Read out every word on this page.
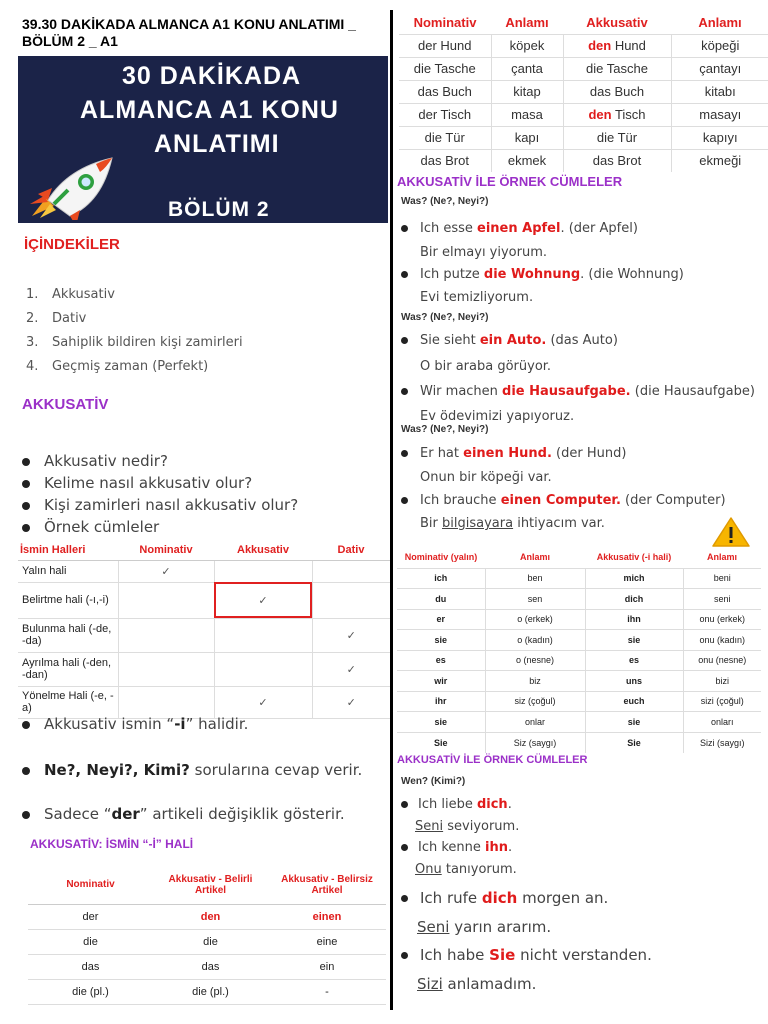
39.30 DAKİKADA ALMANCA A1 KONU ANLATIMI _ BÖLÜM 2 _ A1
30 DAKİKADA
ALMANCA A1 KONU
ANLATIMI
BÖLÜM 2
İÇİNDEKİLER
1. Akkusativ
2. Dativ
3. Sahiplik bildiren kişi zamirleri
4. Geçmiş zaman (Perfekt)
AKKUSATİV
Akkusativ nedir?
Kelime nasıl akkusativ olur?
Kişi zamirleri nasıl akkusativ olur?
Örnek cümleler
İsmin Halleri	Nominativ	Akkusativ	Dativ
Yalın hali	✓		
Belirtme hali (-ı,-i)		✓	
Bulunma hali (-de, -da)			✓
Ayrılma hali (-den, -dan)			✓
Yönelme Hali (-e, -a)		✓	✓
Akkusativ ismin “-i” halidir.
Ne?, Neyi?, Kimi? sorularına cevap verir.
Sadece “der” artikeli değişiklik gösterir.
AKKUSATİV: İSMİN “-İ” HALİ
Nominativ	Akkusativ - Belirli Artikel	Akkusativ - Belirsiz Artikel
der	den	einen
die	die	eine
das	das	ein
die (pl.)	die (pl.)	-
Nominativ	Anlamı	Akkusativ	Anlamı
der Hund	köpek	den Hund	köpeği
die Tasche	çanta	die Tasche	çantayı
das Buch	kitap	das Buch	kitabı
der Tisch	masa	den Tisch	masayı
die Tür	kapı	die Tür	kapıyı
das Brot	ekmek	das Brot	ekmeği
AKKUSATİV İLE ÖRNEK CÜMLELER
Was? (Ne?, Neyi?)
Ich esse einen Apfel. (der Apfel)
Bir elmayı yiyorum.
Ich putze die Wohnung. (die Wohnung)
Evi temizliyorum.
Was? (Ne?, Neyi?)
Sie sieht ein Auto. (das Auto)
O bir araba görüyor.
Wir machen die Hausaufgabe. (die Hausaufgabe)
Ev ödevimizi yapıyoruz.
Was? (Ne?, Neyi?)
Er hat einen Hund. (der Hund)
Onun bir köpeği var.
Ich brauche einen Computer. (der Computer)
Bir bilgisayara ihtiyacım var.
Nominativ (yalın)	Anlamı	Akkusativ (-i hali)	Anlamı
ich	ben	mich	beni
du	sen	dich	seni
er	o (erkek)	ihn	onu (erkek)
sie	o (kadın)	sie	onu (kadın)
es	o (nesne)	es	onu (nesne)
wir	biz	uns	bizi
ihr	siz (çoğul)	euch	sizi (çoğul)
sie	onlar	sie	onları
Sie	Siz (saygı)	Sie	Sizi (saygı)
AKKUSATİV İLE ÖRNEK CÜMLELER
Wen? (Kimi?)
Ich liebe dich.
Seni seviyorum.
Ich kenne ihn.
Onu tanıyorum.
Ich rufe dich morgen an.
Seni yarın ararım.
Ich habe Sie nicht verstanden.
Sizi anlamadım.
